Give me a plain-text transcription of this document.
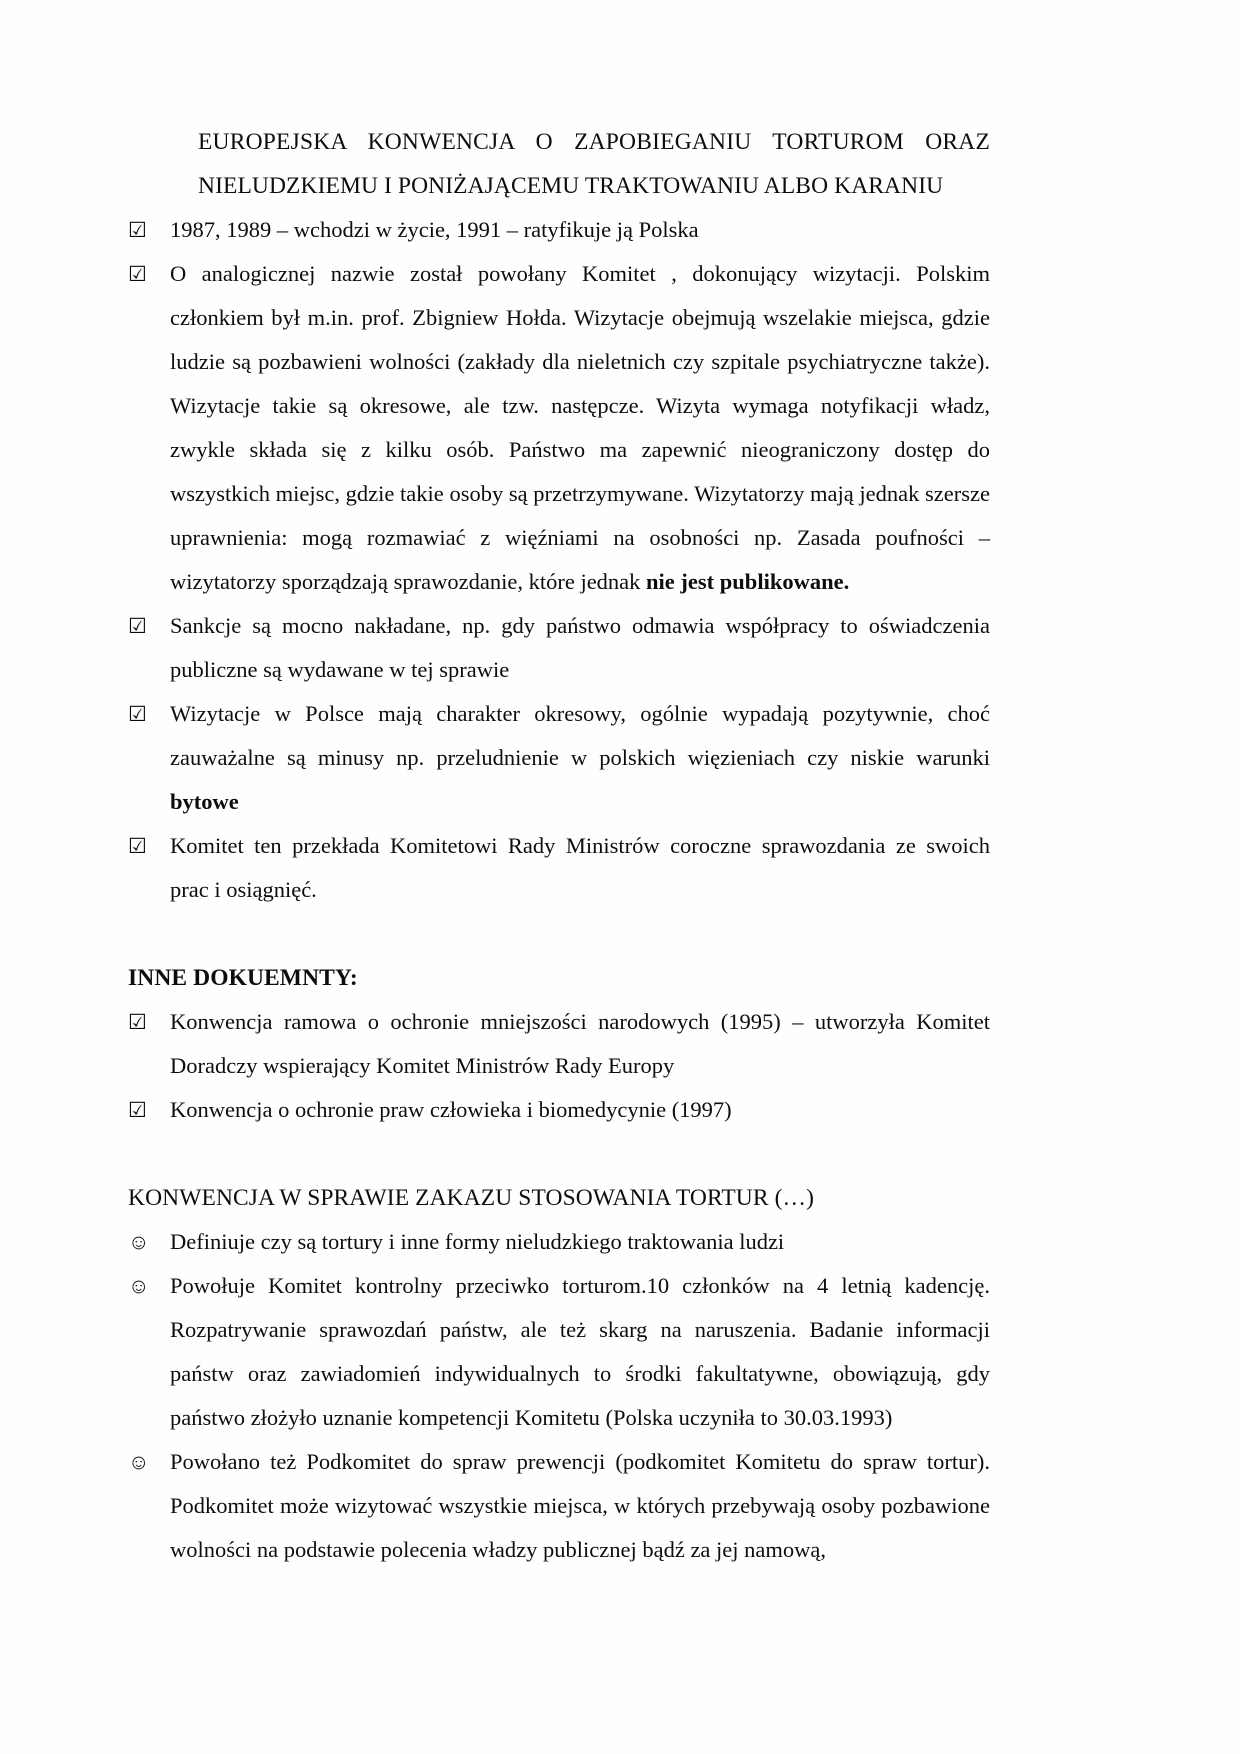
EUROPEJSKA KONWENCJA O ZAPOBIEGANIU TORTUROM ORAZ
NIELUDZKIEMU I PONIŻAJĄCEMU TRAKTOWANIU ALBO KARANIU
☑	1987, 1989 – wchodzi w życie, 1991 – ratyfikuje ją Polska
☑	O analogicznej nazwie został powołany Komitet , dokonujący wizytacji. Polskim członkiem był m.in. prof. Zbigniew Hołda. Wizytacje obejmują wszelakie miejsca, gdzie ludzie są pozbawieni wolności (zakłady dla nieletnich czy szpitale psychiatryczne także). Wizytacje takie są okresowe, ale tzw. następcze. Wizyta wymaga notyfikacji władz, zwykle składa się z kilku osób. Państwo ma zapewnić nieograniczony dostęp do wszystkich miejsc, gdzie takie osoby są przetrzymywane. Wizytatorzy mają jednak szersze uprawnienia: mogą rozmawiać z więźniami na osobności np. Zasada poufności – wizytatorzy sporządzają sprawozdanie, które jednak nie jest publikowane.
☑	Sankcje są mocno nakładane, np. gdy państwo odmawia współpracy to oświadczenia publiczne są wydawane w tej sprawie
☑	Wizytacje w Polsce mają charakter okresowy, ogólnie wypadają pozytywnie, choć zauważalne są minusy np. przeludnienie w polskich więzieniach czy niskie warunki bytowe
☑	Komitet ten przekłada Komitetowi Rady Ministrów coroczne sprawozdania ze swoich prac i osiągnięć.
INNE DOKUEMNTY:
☑	Konwencja ramowa o ochronie mniejszości narodowych (1995) – utworzyła Komitet Doradczy wspierający Komitet Ministrów Rady Europy
☑	Konwencja o ochronie praw człowieka i biomedycynie (1997)
KONWENCJA W SPRAWIE ZAKAZU STOSOWANIA TORTUR (…)
☺ Definiuje czy są tortury i inne formy nieludzkiego traktowania ludzi
☺ Powołuje Komitet kontrolny przeciwko torturom.10 członków na 4 letnią kadencję. Rozpatrywanie sprawozdań państw, ale też skarg na naruszenia. Badanie informacji państw oraz zawiadomień indywidualnych to środki fakultatywne, obowiązują, gdy państwo złożyło uznanie kompetencji Komitetu (Polska uczyniła to 30.03.1993)
☺ Powołano też Podkomitet do spraw prewencji (podkomitet Komitetu do spraw tortur). Podkomitet może wizytować wszystkie miejsca, w których przebywają osoby pozbawione wolności na podstawie polecenia władzy publicznej bądź za jej namową,
